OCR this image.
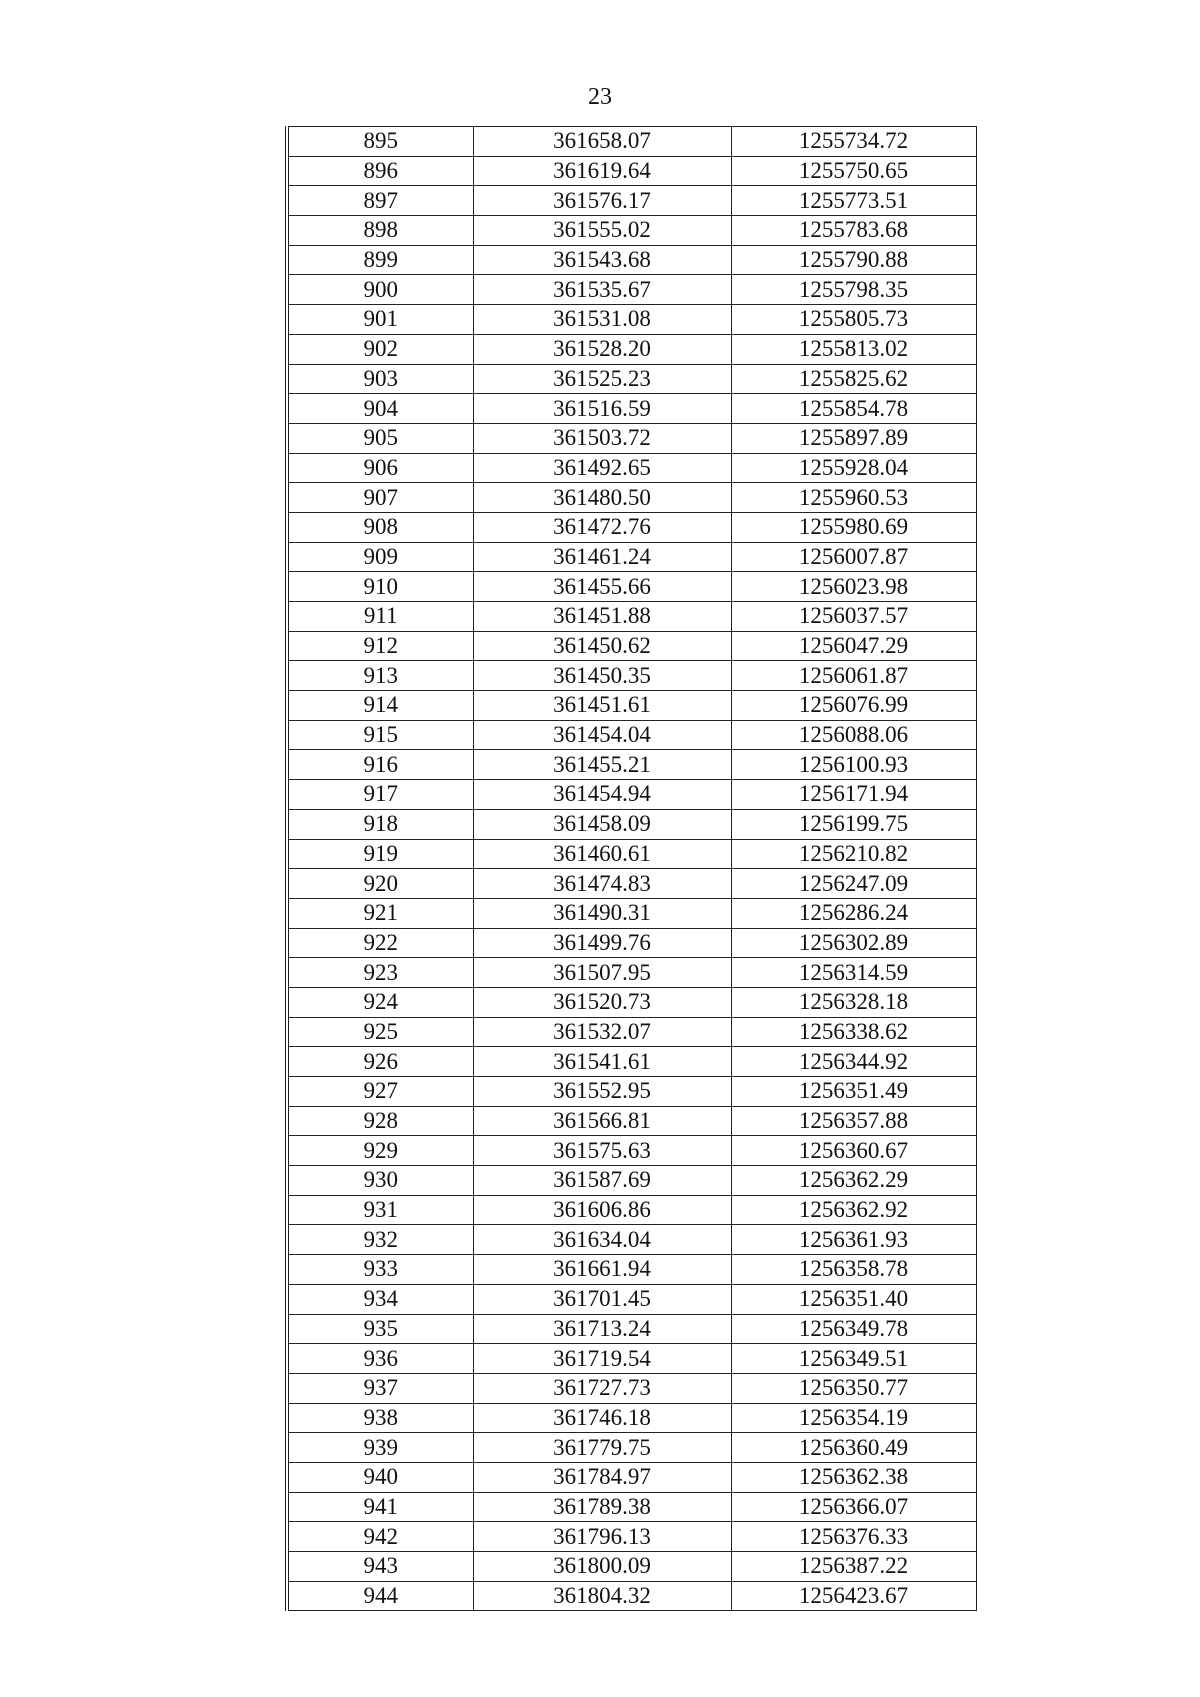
23
895	361658.07	1255734.72
896	361619.64	1255750.65
897	361576.17	1255773.51
898	361555.02	1255783.68
899	361543.68	1255790.88
900	361535.67	1255798.35
901	361531.08	1255805.73
902	361528.20	1255813.02
903	361525.23	1255825.62
904	361516.59	1255854.78
905	361503.72	1255897.89
906	361492.65	1255928.04
907	361480.50	1255960.53
908	361472.76	1255980.69
909	361461.24	1256007.87
910	361455.66	1256023.98
911	361451.88	1256037.57
912	361450.62	1256047.29
913	361450.35	1256061.87
914	361451.61	1256076.99
915	361454.04	1256088.06
916	361455.21	1256100.93
917	361454.94	1256171.94
918	361458.09	1256199.75
919	361460.61	1256210.82
920	361474.83	1256247.09
921	361490.31	1256286.24
922	361499.76	1256302.89
923	361507.95	1256314.59
924	361520.73	1256328.18
925	361532.07	1256338.62
926	361541.61	1256344.92
927	361552.95	1256351.49
928	361566.81	1256357.88
929	361575.63	1256360.67
930	361587.69	1256362.29
931	361606.86	1256362.92
932	361634.04	1256361.93
933	361661.94	1256358.78
934	361701.45	1256351.40
935	361713.24	1256349.78
936	361719.54	1256349.51
937	361727.73	1256350.77
938	361746.18	1256354.19
939	361779.75	1256360.49
940	361784.97	1256362.38
941	361789.38	1256366.07
942	361796.13	1256376.33
943	361800.09	1256387.22
944	361804.32	1256423.67
